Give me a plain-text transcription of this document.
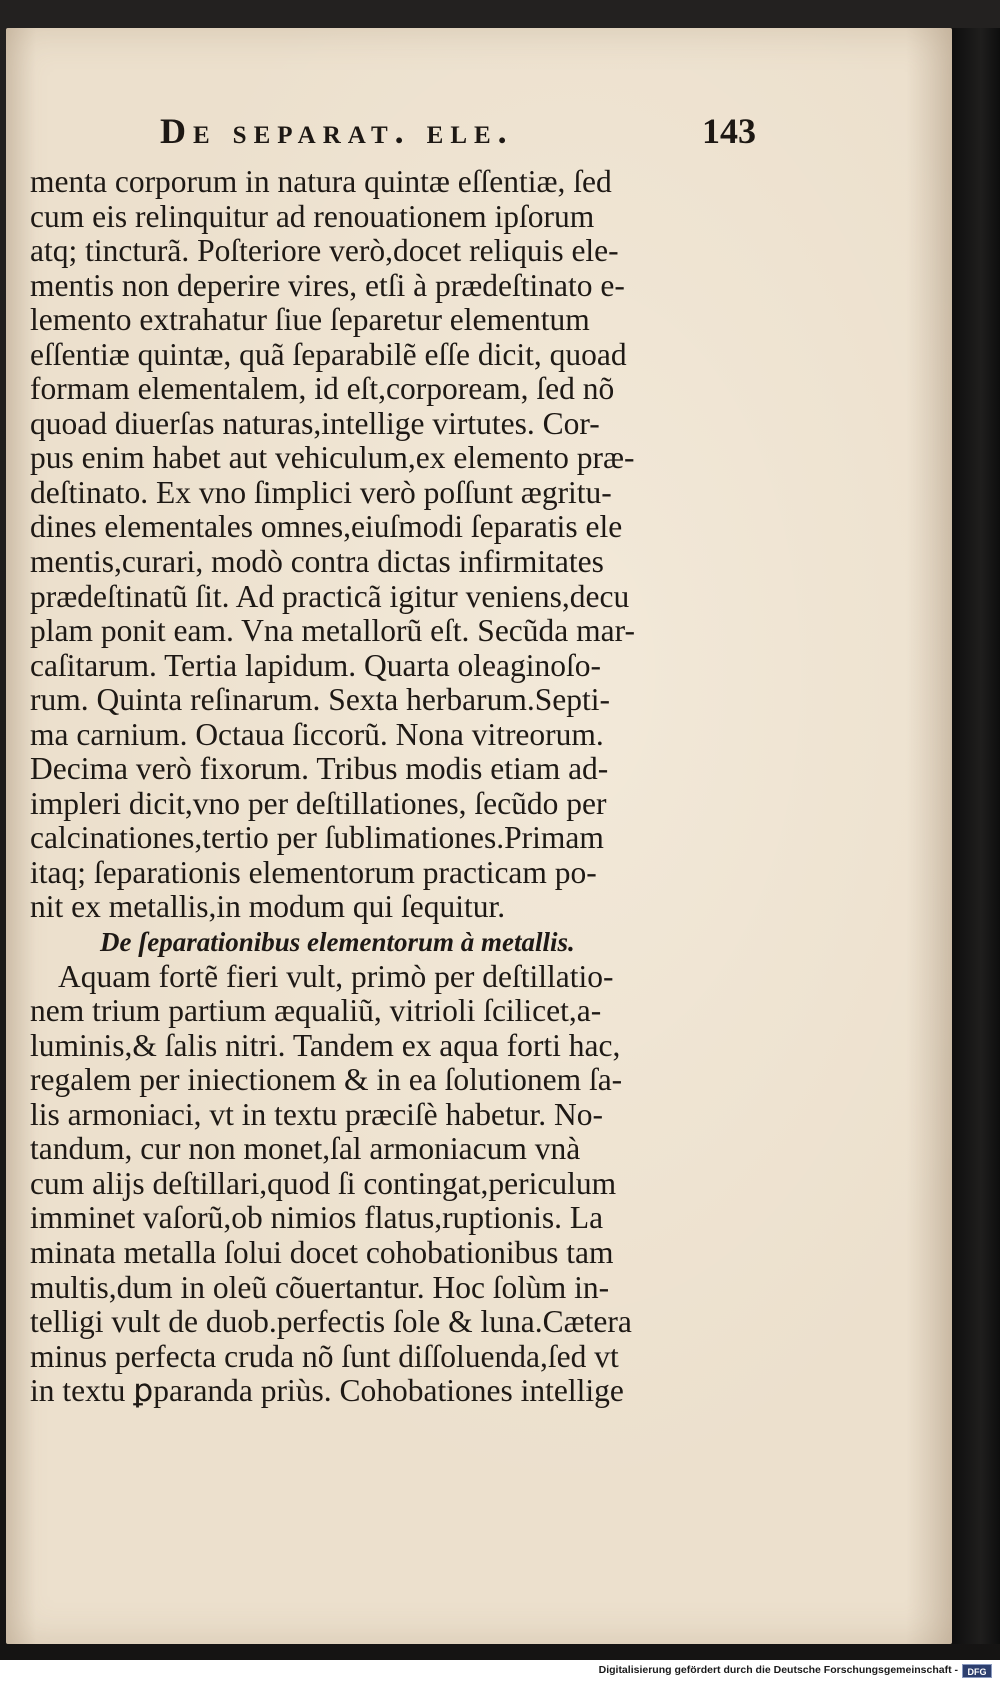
De separat. ele.	143
menta corporum in natura quintæ eſſentiæ, ſed
cum eis relinquitur ad renouationem ipſorum
atq; tincturã. Poſteriore verò,docet reliquis ele-
mentis non deperire vires, etſi à prædeſtinato e-
lemento extrahatur ſiue ſeparetur elementum
eſſentiæ quintæ, quã ſeparabilẽ eſſe dicit, quoad
formam elementalem, id eſt,corpoream, ſed nõ
quoad diuerſas naturas,intellige virtutes. Cor-
pus enim habet aut vehiculum,ex elemento præ-
deſtinato. Ex vno ſimplici verò poſſunt ægritu-
dines elementales omnes,eiuſmodi ſeparatis ele
mentis,curari, modò contra dictas infirmitates
prædeſtinatũ ſit. Ad practicã igitur veniens,decu
plam ponit eam. Vna metallorũ eſt. Secũda mar-
caſitarum. Tertia lapidum. Quarta oleaginoſo-
rum. Quinta reſinarum. Sexta herbarum.Septi-
ma carnium. Octaua ſiccorũ. Nona vitreorum.
Decima verò fixorum. Tribus modis etiam ad-
impleri dicit,vno per deſtillationes, ſecũdo per
calcinationes,tertio per ſublimationes.Primam
itaq; ſeparationis elementorum practicam po-
nit ex metallis,in modum qui ſequitur.
De ſeparationibus elementorum à metallis.
Aquam fortẽ fieri vult, primò per deſtillatio-
nem trium partium æqualiũ, vitrioli ſcilicet,a-
luminis,& ſalis nitri. Tandem ex aqua forti hac,
regalem per iniectionem & in ea ſolutionem ſa-
lis armoniaci, vt in textu præciſè habetur. No-
tandum, cur non monet,ſal armoniacum vnà
cum alijs deſtillari,quod ſi contingat,periculum
imminet vaſorũ,ob nimios flatus,ruptionis. La
minata metalla ſolui docet cohobationibus tam
multis,dum in oleũ cõuertantur. Hoc ſolùm in-
telligi vult de duob.perfectis ſole & luna.Cætera
minus perfecta cruda nõ ſunt diſſoluenda,ſed vt
in textu ꝑparanda priùs. Cohobationes intellige
Digitalisierung gefördert durch die Deutsche Forschungsgemeinschaft -	DFG
